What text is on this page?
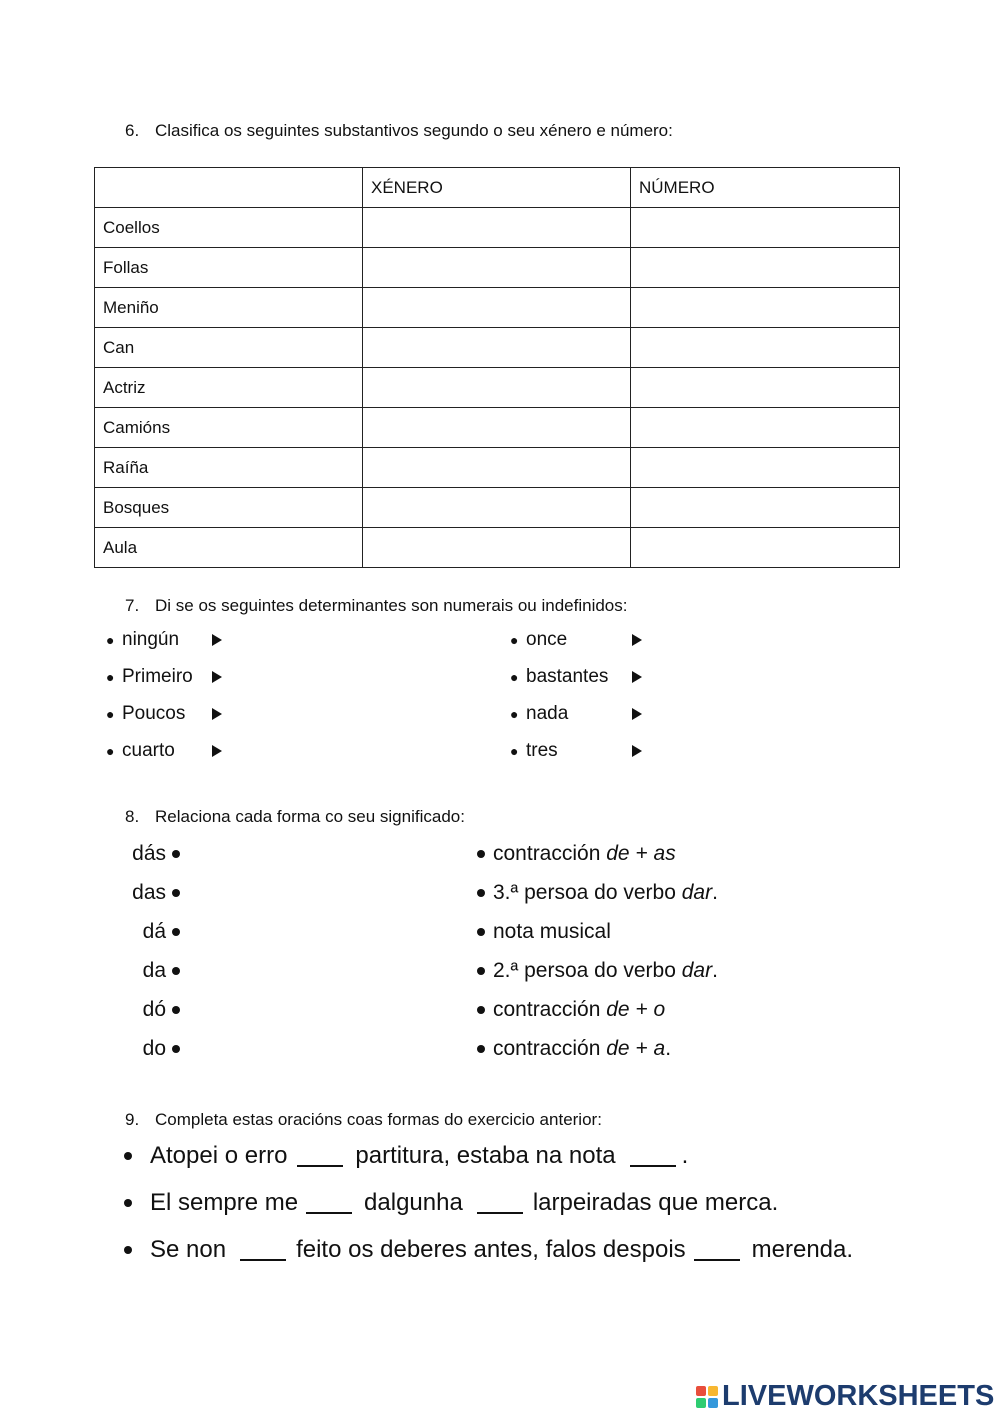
6. Clasifica os seguintes substantivos segundo o seu xénero e número:
	XÉNERO	NÚMERO
Coellos		
Follas		
Meniño		
Can		
Actriz		
Camións		
Raíña		
Bosques		
Aula		
7. Di se os seguintes determinantes son numerais ou indefinidos:
● ningún
● Primeiro
● Poucos
● cuarto
● once
● bastantes
● nada
● tres
8. Relaciona cada forma co seu significado:
dás
das
dá
da
dó
do
contracción
de + as
3.ª persoa do verbo
dar .
nota musical
2.ª persoa do verbo
dar .
contracción
de + o
contracción
de + a .
9. Completa estas oracións coas formas do exercicio anterior:
Atopei o erro	partitura, estaba na nota	.
El sempre me	dalgunha	larpeiradas que merca.
Se non	feito os deberes antes, falos despois	merenda.
LIVEWORKSHEETS
